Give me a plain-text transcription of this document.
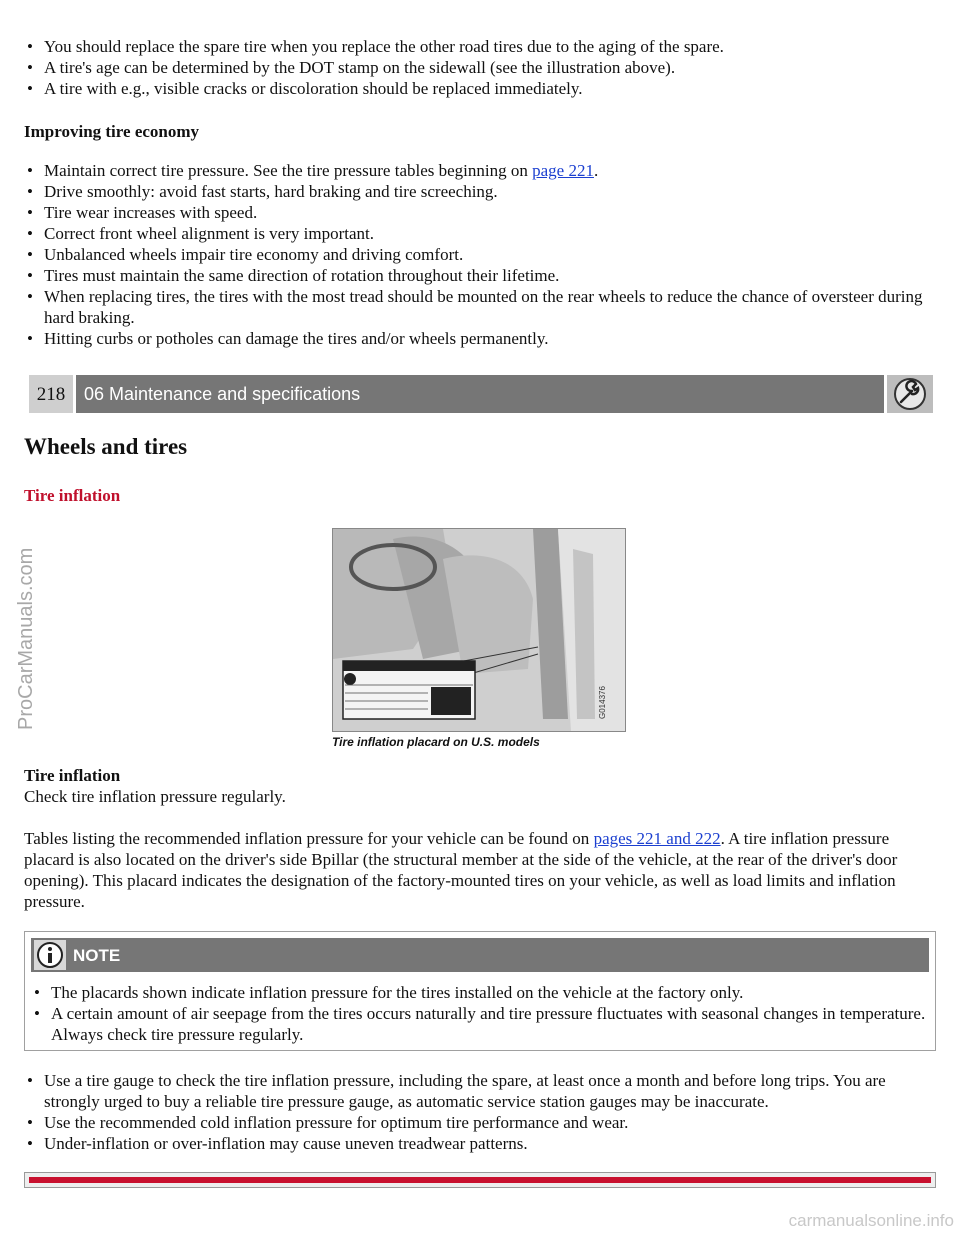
• You should replace the spare tire when you replace the other road tires due to the aging of the spare.
• A tire's age can be determined by the DOT stamp on the sidewall (see the illustration above).
• A tire with e.g., visible cracks or discoloration should be replaced immediately.
Improving tire economy
• Maintain correct tire pressure. See the tire pressure tables beginning on page 221.
• Drive smoothly: avoid fast starts, hard braking and tire screeching.
• Tire wear increases with speed.
• Correct front wheel alignment is very important.
• Unbalanced wheels impair tire economy and driving comfort.
• Tires must maintain the same direction of rotation throughout their lifetime.
• When replacing tires, the tires with the most tread should be mounted on the rear wheels to reduce the chance of oversteer during hard braking.
• Hitting curbs or potholes can damage the tires and/or wheels permanently.
218	06 Maintenance and specifications
Wheels and tires
Tire inflation
G014376
Tire inflation placard on U.S. models
ProCarManuals.com
Tire inflation
Check tire inflation pressure regularly.
Tables listing the recommended inflation pressure for your vehicle can be found on pages 221 and 222. A tire inflation pressure placard is also located on the driver's side Bpillar (the structural member at the side of the vehicle, at the rear of the driver's door opening). This placard indicates the designation of the factory-mounted tires on your vehicle, as well as load limits and inflation pressure.
NOTE
• The placards shown indicate inflation pressure for the tires installed on the vehicle at the factory only.
• A certain amount of air seepage from the tires occurs naturally and tire pressure fluctuates with seasonal changes in temperature. Always check tire pressure regularly.
• Use a tire gauge to check the tire inflation pressure, including the spare, at least once a month and before long trips. You are strongly urged to buy a reliable tire pressure gauge, as automatic service station gauges may be inaccurate.
• Use the recommended cold inflation pressure for optimum tire performance and wear.
• Under-inflation or over-inflation may cause uneven treadwear patterns.
carmanualsonline.info
